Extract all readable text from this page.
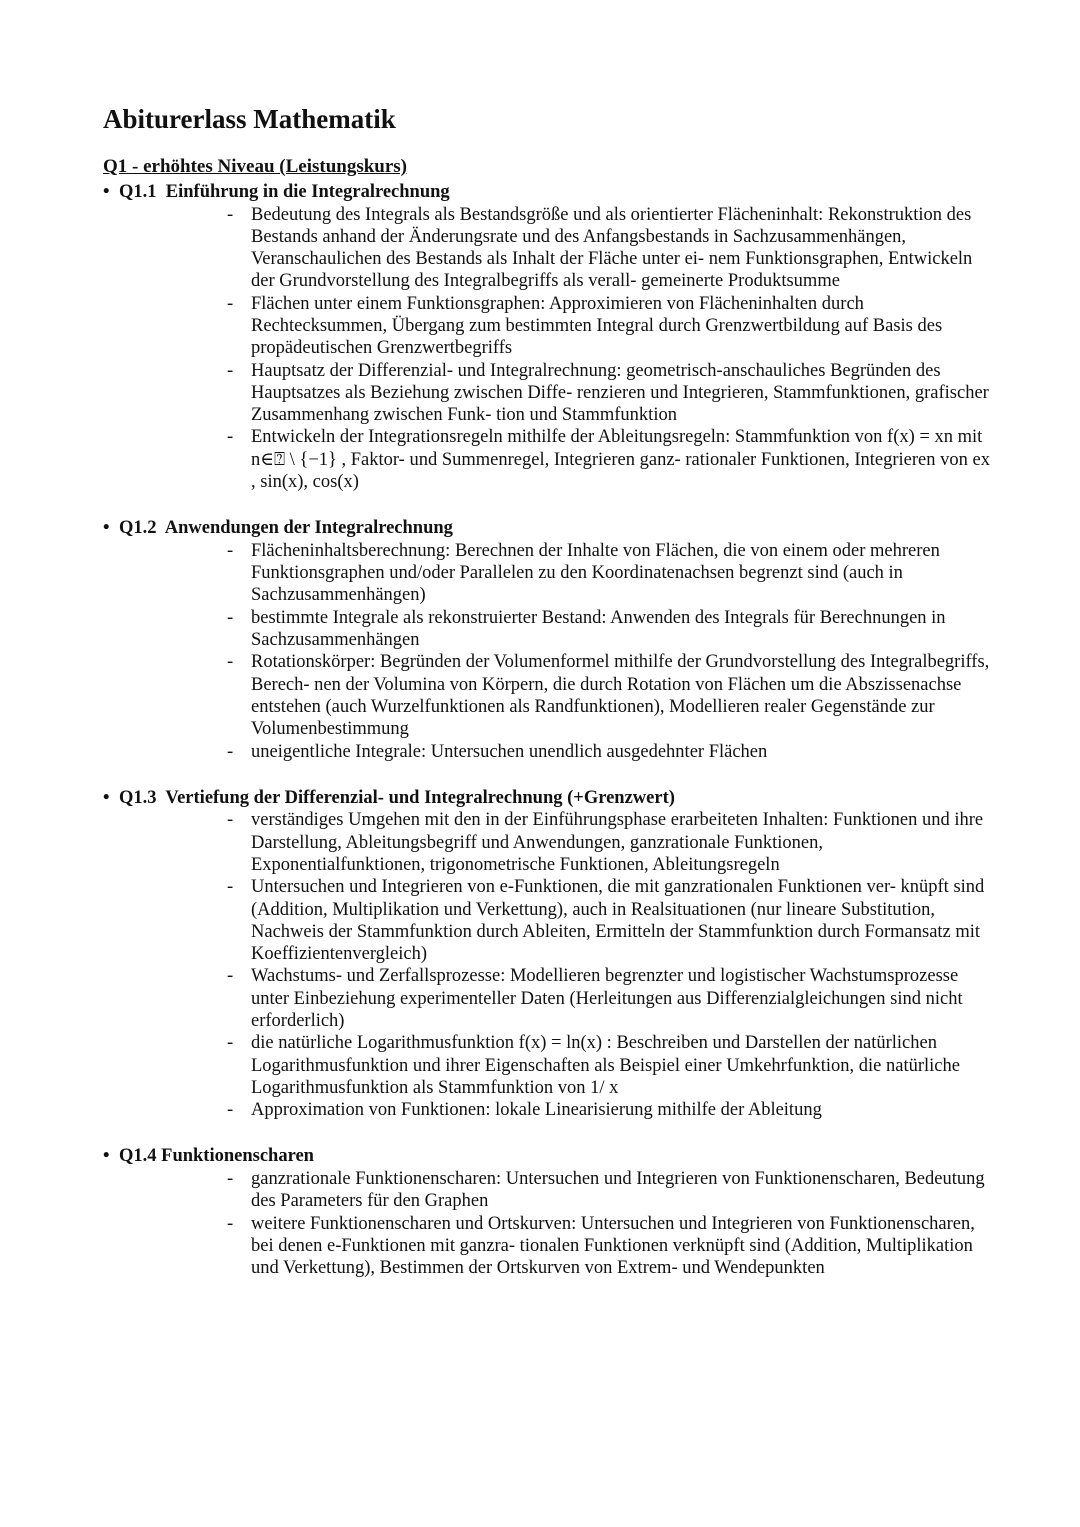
Abiturerlass Mathematik
Q1 - erhöhtes Niveau (Leistungskurs)
• Q1.1  Einführung in die Integralrechnung
- Bedeutung des Integrals als Bestandsgröße und als orientierter Flächeninhalt: Rekonstruktion des Bestands anhand der Änderungsrate und des Anfangsbestands in Sachzusammenhängen, Veranschaulichen des Bestands als Inhalt der Fläche unter ei- nem Funktionsgraphen, Entwickeln der Grundvorstellung des Integralbegriffs als verall- gemeinerte Produktsumme
- Flächen unter einem Funktionsgraphen: Approximieren von Flächeninhalten durch Rechtecksummen, Übergang zum bestimmten Integral durch Grenzwertbildung auf Basis des propädeutischen Grenzwertbegriffs
- Hauptsatz der Differenzial- und Integralrechnung: geometrisch-anschauliches Begründen des Hauptsatzes als Beziehung zwischen Diffe- renzieren und Integrieren, Stammfunktionen, grafischer Zusammenhang zwischen Funk- tion und Stammfunktion
- Entwickeln der Integrationsregeln mithilfe der Ableitungsregeln: Stammfunktion von f(x) = xn mit n∈⍰ \ {−1} , Faktor- und Summenregel, Integrieren ganz- rationaler Funktionen, Integrieren von ex , sin(x), cos(x)
• Q1.2  Anwendungen der Integralrechnung
- Flächeninhaltsberechnung: Berechnen der Inhalte von Flächen, die von einem oder mehreren Funktionsgraphen und/oder Parallelen zu den Koordinatenachsen begrenzt sind (auch in Sachzusammenhängen)
- bestimmte Integrale als rekonstruierter Bestand: Anwenden des Integrals für Berechnungen in Sachzusammenhängen
- Rotationskörper: Begründen der Volumenformel mithilfe der Grundvorstellung des Integralbegriffs, Berech- nen der Volumina von Körpern, die durch Rotation von Flächen um die Abszissenachse entstehen (auch Wurzelfunktionen als Randfunktionen), Modellieren realer Gegenstände zur Volumenbestimmung
- uneigentliche Integrale: Untersuchen unendlich ausgedehnter Flächen
• Q1.3  Vertiefung der Differenzial- und Integralrechnung (+Grenzwert)
- verständiges Umgehen mit den in der Einführungsphase erarbeiteten Inhalten: Funktionen und ihre Darstellung, Ableitungsbegriff und Anwendungen, ganzrationale Funktionen, Exponentialfunktionen, trigonometrische Funktionen, Ableitungsregeln
- Untersuchen und Integrieren von e-Funktionen, die mit ganzrationalen Funktionen ver- knüpft sind (Addition, Multiplikation und Verkettung), auch in Realsituationen (nur lineare Substitution, Nachweis der Stammfunktion durch Ableiten, Ermitteln der Stammfunktion durch Formansatz mit Koeffizientenvergleich)
- Wachstums- und Zerfallsprozesse: Modellieren begrenzter und logistischer Wachstumsprozesse unter Einbeziehung experimenteller Daten (Herleitungen aus Differenzialgleichungen sind nicht erforderlich)
- die natürliche Logarithmusfunktion f(x) = ln(x) : Beschreiben und Darstellen der natürlichen Logarithmusfunktion und ihrer Eigenschaften als Beispiel einer Umkehrfunktion, die natürliche Logarithmusfunktion als Stammfunktion von 1/ x
- Approximation von Funktionen: lokale Linearisierung mithilfe der Ableitung
• Q1.4 Funktionenscharen
- ganzrationale Funktionenscharen: Untersuchen und Integrieren von Funktionenscharen, Bedeutung des Parameters für den Graphen
- weitere Funktionenscharen und Ortskurven: Untersuchen und Integrieren von Funktionenscharen, bei denen e-Funktionen mit ganzra- tionalen Funktionen verknüpft sind (Addition, Multiplikation und Verkettung), Bestimmen der Ortskurven von Extrem- und Wendepunkten
